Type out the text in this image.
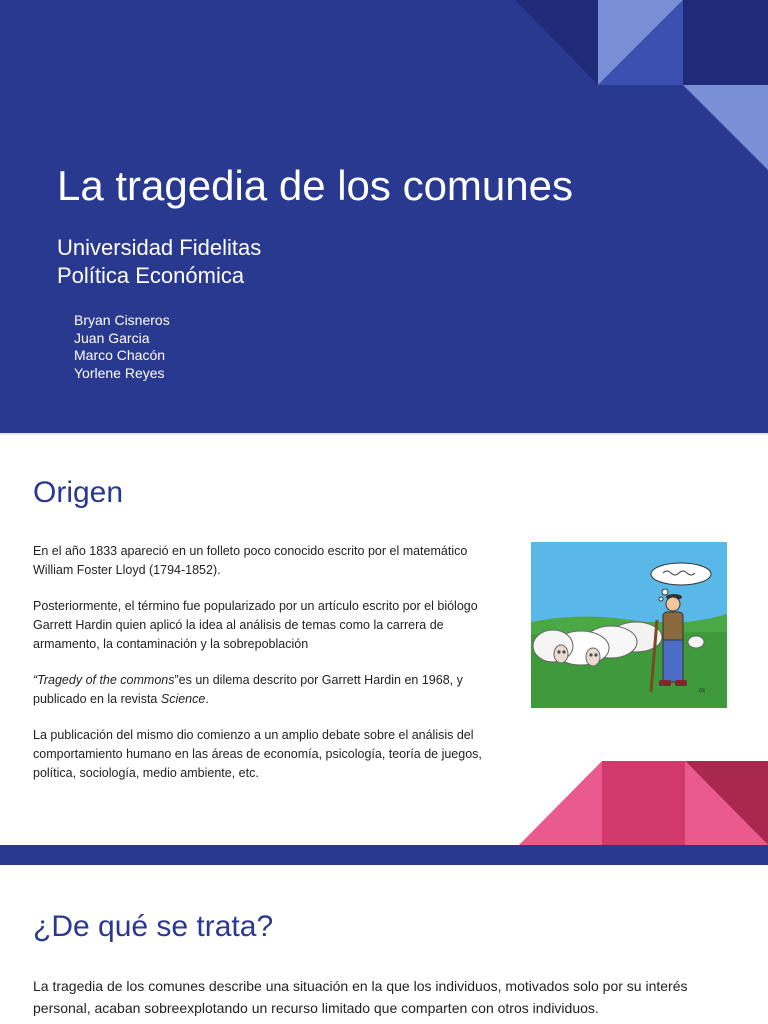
La tragedia de los comunes
Universidad Fidelitas
Política Económica
Bryan Cisneros
Juan Garcia
Marco Chacón
Yorlene Reyes
Origen

En el año 1833 apareció en un folleto poco conocido escrito por el matemático William Foster Lloyd (1794-1852).

Posteriormente, el término fue popularizado por un artículo escrito por el biólogo Garrett Hardin quien aplicó la idea al análisis de temas como la carrera de armamento, la contaminación y la sobrepoblación

“Tragedy of the commons”es un dilema descrito por Garrett Hardin en 1968, y publicado en la revista Science.

La publicación del mismo dio comienzo a un amplio debate sobre el análisis del comportamiento humano en las áreas de economía, psicología, teoría de juegos, política, sociología, medio ambiente, etc.

cs
¿De qué se trata?

La tragedia de los comunes describe una situación en la que los individuos, motivados solo por su interés personal, acaban sobreexplotando un recurso limitado que comparten con otros individuos.
